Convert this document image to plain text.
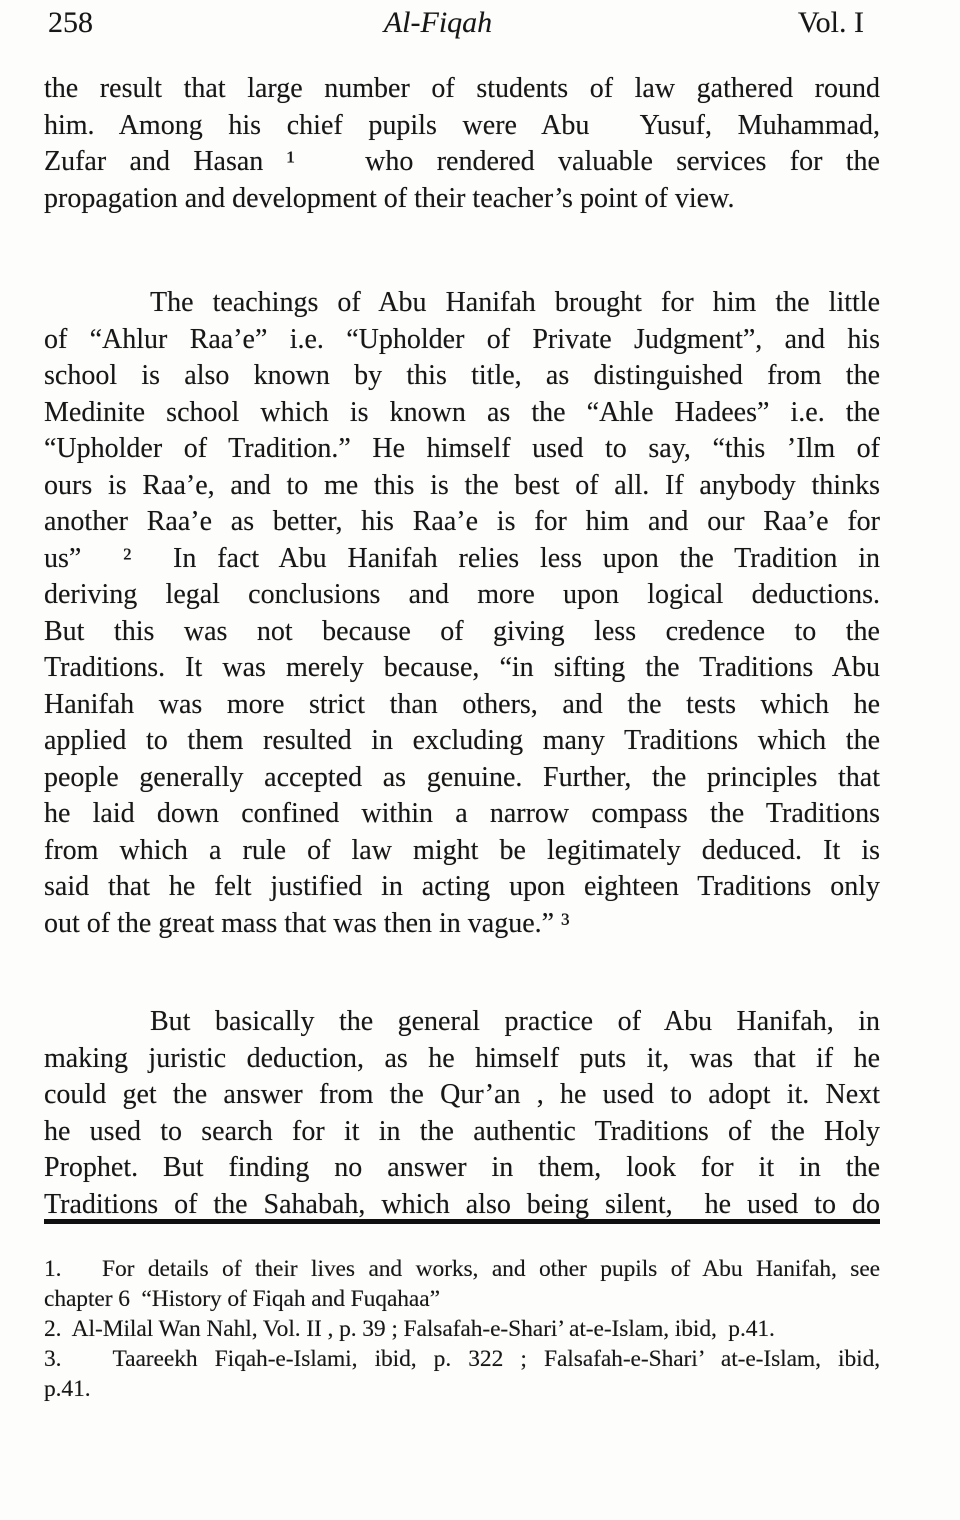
258	Al-Fiqah	Vol. I
the result that large number of students of law gathered round
him. Among his chief pupils were Abu  Yusuf, Muhammad,
Zufar and Hasan ¹   who rendered valuable services for the
propagation and development of their teacher’s point of view.
The teachings of Abu Hanifah brought for him the little
of “Ahlur Raa’e” i.e. “Upholder of Private Judgment”, and his
school is also known by this title, as distinguished from the
Medinite school which is known as the “Ahle Hadees” i.e. the
“Upholder of Tradition.” He himself used to say, “this ’Ilm of
ours is Raa’e, and to me this is the best of all. If anybody thinks
another Raa’e as better, his Raa’e is for him and our Raa’e for
us”  ²  In fact Abu Hanifah relies less upon the Tradition in
deriving legal conclusions and more upon logical deductions.
But this was not because of giving less credence to the
Traditions. It was merely because, “in sifting the Traditions Abu
Hanifah was more strict than others, and the tests which he
applied to them resulted in excluding many Traditions which the
people generally accepted as genuine. Further, the principles that
he laid down confined within a narrow compass the Traditions
from which a rule of law might be legitimately deduced. It is
said that he felt justified in acting upon eighteen Traditions only
out of the great mass that was then in vague.” ³
But basically the general practice of Abu Hanifah, in
making juristic deduction, as he himself puts it, was that if he
could get the answer from the Qur’an , he used to adopt it. Next
he used to search for it in the authentic Traditions of the Holy
Prophet. But finding no answer in them, look for it in the
Traditions of the Sahabah, which also being silent,  he used to do
1.   For details of their lives and works, and other pupils of Abu Hanifah, see
chapter 6  “History of Fiqah and Fuqahaa”
2.  Al-Milal Wan Nahl, Vol. II , p. 39 ; Falsafah-e-Shari’ at-e-Islam, ibid,  p.41.
3.   Taareekh Fiqah-e-Islami, ibid, p. 322 ; Falsafah-e-Shari’ at-e-Islam, ibid,
p.41.
